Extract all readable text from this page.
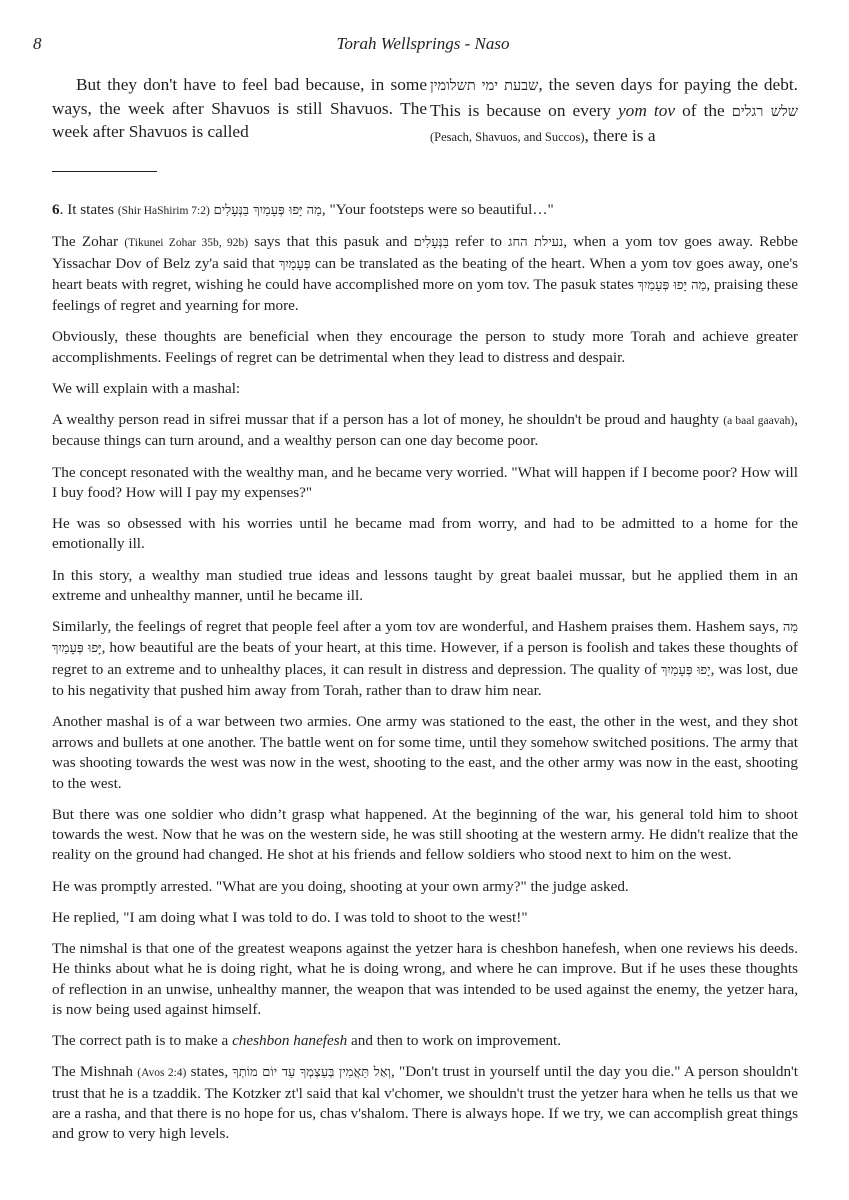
8	Torah Wellsprings - Naso

But they don't have to feel bad because, in some ways, the week after Shavuos is still Shavuos. The week after Shavuos is called

שבעת ימי תשלומין, the seven days for paying the debt. This is because on every yom tov of the שלש רגלים (Pesach, Shavuos, and Succos), there is a

6. It states (Shir HaShirim 7:2) מַה יָּפוּ פְּעָמַיִךְ בַּנְּעָלִים, "Your footsteps were so beautiful…"

The Zohar (Tikunei Zohar 35b, 92b) says that this pasuk and בַּנְּעָלִים refer to נעילת החג, when a yom tov goes away. Rebbe Yissachar Dov of Belz zy'a said that פְּעָמַיִךְ can be translated as the beating of the heart. When a yom tov goes away, one's heart beats with regret, wishing he could have accomplished more on yom tov. The pasuk states מַה יָּפוּ פְּעָמַיִךְ, praising these feelings of regret and yearning for more.

Obviously, these thoughts are beneficial when they encourage the person to study more Torah and achieve greater accomplishments. Feelings of regret can be detrimental when they lead to distress and despair.

We will explain with a mashal:

A wealthy person read in sifrei mussar that if a person has a lot of money, he shouldn't be proud and haughty (a baal gaavah), because things can turn around, and a wealthy person can one day become poor.

The concept resonated with the wealthy man, and he became very worried. "What will happen if I become poor? How will I buy food? How will I pay my expenses?"

He was so obsessed with his worries until he became mad from worry, and had to be admitted to a home for the emotionally ill.

In this story, a wealthy man studied true ideas and lessons taught by great baalei mussar, but he applied them in an extreme and unhealthy manner, until he became ill.

Similarly, the feelings of regret that people feel after a yom tov are wonderful, and Hashem praises them. Hashem says, מַה יָּפוּ פְּעָמַיִךְ, how beautiful are the beats of your heart, at this time. However, if a person is foolish and takes these thoughts of regret to an extreme and to unhealthy places, it can result in distress and depression. The quality of יָפוּ פְּעָמַיִךְ, was lost, due to his negativity that pushed him away from Torah, rather than to draw him near.

Another mashal is of a war between two armies. One army was stationed to the east, the other in the west, and they shot arrows and bullets at one another. The battle went on for some time, until they somehow switched positions. The army that was shooting towards the west was now in the west, shooting to the east, and the other army was now in the east, shooting to the west.

But there was one soldier who didn’t grasp what happened. At the beginning of the war, his general told him to shoot towards the west. Now that he was on the western side, he was still shooting at the western army. He didn't realize that the reality on the ground had changed. He shot at his friends and fellow soldiers who stood next to him on the west.

He was promptly arrested. "What are you doing, shooting at your own army?" the judge asked.

He replied, "I am doing what I was told to do. I was told to shoot to the west!"

The nimshal is that one of the greatest weapons against the yetzer hara is cheshbon hanefesh, when one reviews his deeds. He thinks about what he is doing right, what he is doing wrong, and where he can improve. But if he uses these thoughts of reflection in an unwise, unhealthy manner, the weapon that was intended to be used against the enemy, the yetzer hara, is now being used against himself.

The correct path is to make a cheshbon hanefesh and then to work on improvement.

The Mishnah (Avos 2:4) states, וְאַל תַּאֲמִין בְּעַצְמְךָ עַד יוֹם מוֹתְךָ, "Don't trust in yourself until the day you die." A person shouldn't trust that he is a tzaddik. The Kotzker zt'l said that kal v'chomer, we shouldn't trust the yetzer hara when he tells us that we are a rasha, and that there is no hope for us, chas v'shalom. There is always hope. If we try, we can accomplish great things and grow to very high levels.
